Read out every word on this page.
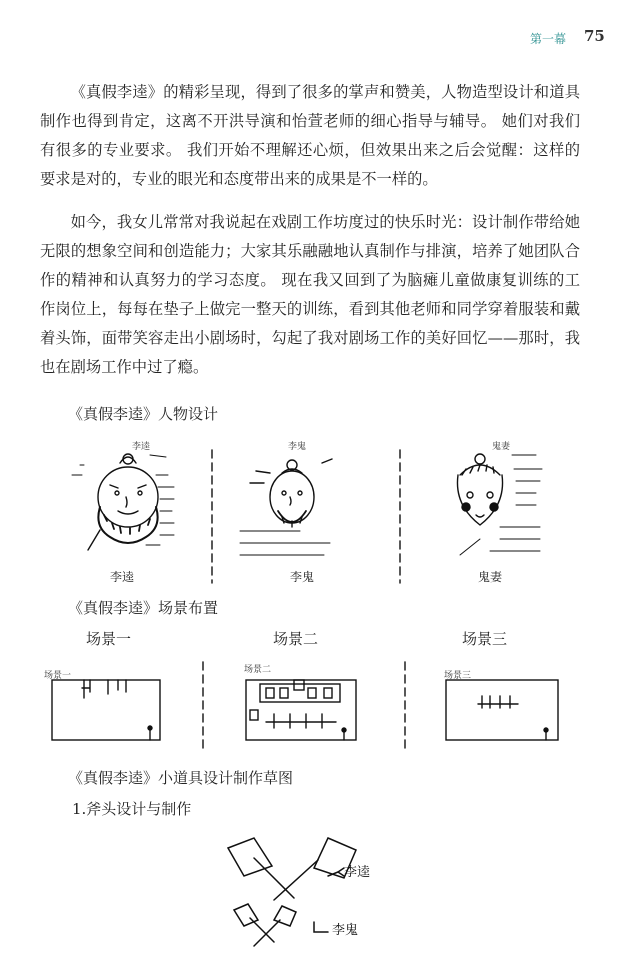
第一幕 75

《真假李逵》的精彩呈现，得到了很多的掌声和赞美，人物造型设计和道具制作也得到肯定，这离不开洪导演和怡萱老师的细心指导与辅导。 她们对我们有很多的专业要求。 我们开始不理解还心烦，但效果出来之后会觉醒：这样的要求是对的，专业的眼光和态度带出来的成果是不一样的。

如今，我女儿常常对我说起在戏剧工作坊度过的快乐时光：设计制作带给她无限的想象空间和创造能力；大家其乐融融地认真制作与排演，培养了她团队合作的精神和认真努力的学习态度。 现在我又回到了为脑瘫儿童做康复训练的工作岗位上，每每在垫子上做完一整天的训练，看到其他老师和同学穿着服装和戴着头饰，面带笑容走出小剧场时，勾起了我对剧场工作的美好回忆——那时，我也在剧场工作中过了瘾。

《真假李逵》人物设计
李逵	李鬼	鬼妻
李逵	李鬼	鬼妻
《真假李逵》场景布置
场景一	场景二	场景三
场景一
场景二
场景三
《真假李逵》小道具设计制作草图
1.斧头设计与制作
李逵
李鬼
